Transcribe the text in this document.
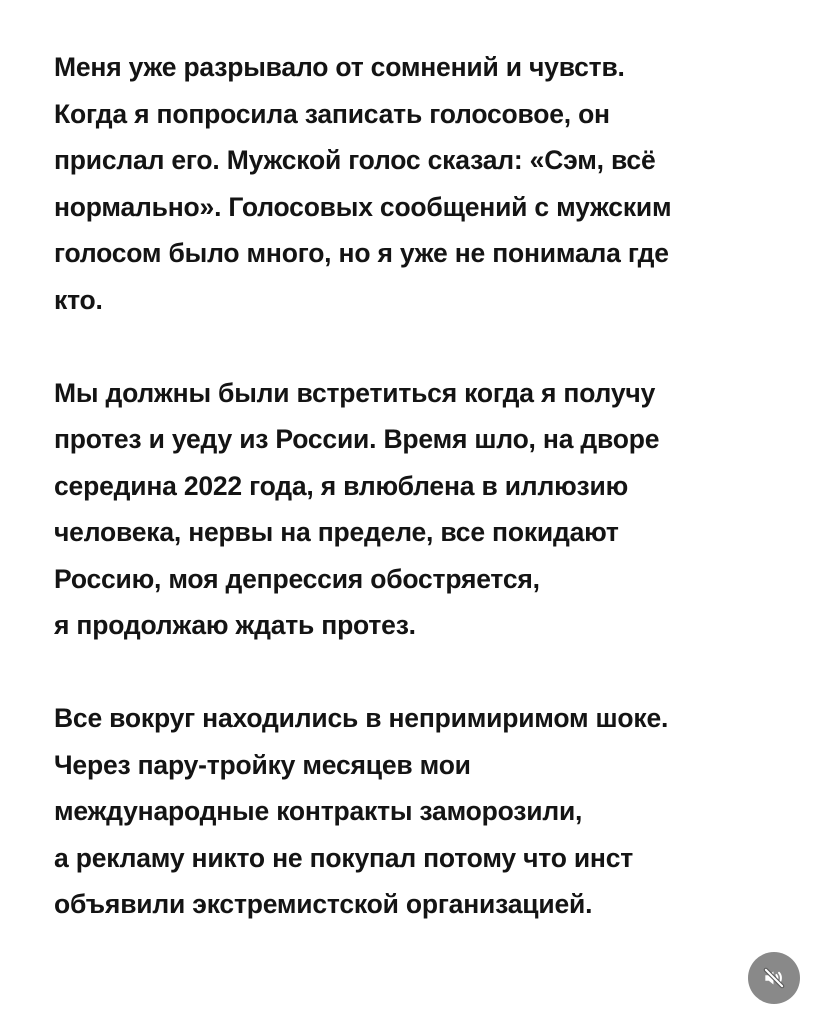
Меня уже разрывало от сомнений и чувств.
Когда я попросила записать голосовое, он
прислал его. Мужской голос сказал: «Сэм, всё
нормально». Голосовых сообщений с мужским
голосом было много, но я уже не понимала где
кто.
Мы должны были встретиться когда я получу
протез и уеду из России. Время шло, на дворе
середина 2022 года, я влюблена в иллюзию
человека, нервы на пределе, все покидают
Россию, моя депрессия обостряется,
я продолжаю ждать протез.
Все вокруг находились в непримиримом шоке.
Через пару-тройку месяцев мои
международные контракты заморозили,
а рекламу никто не покупал потому что инст
объявили экстремистской организацией.
